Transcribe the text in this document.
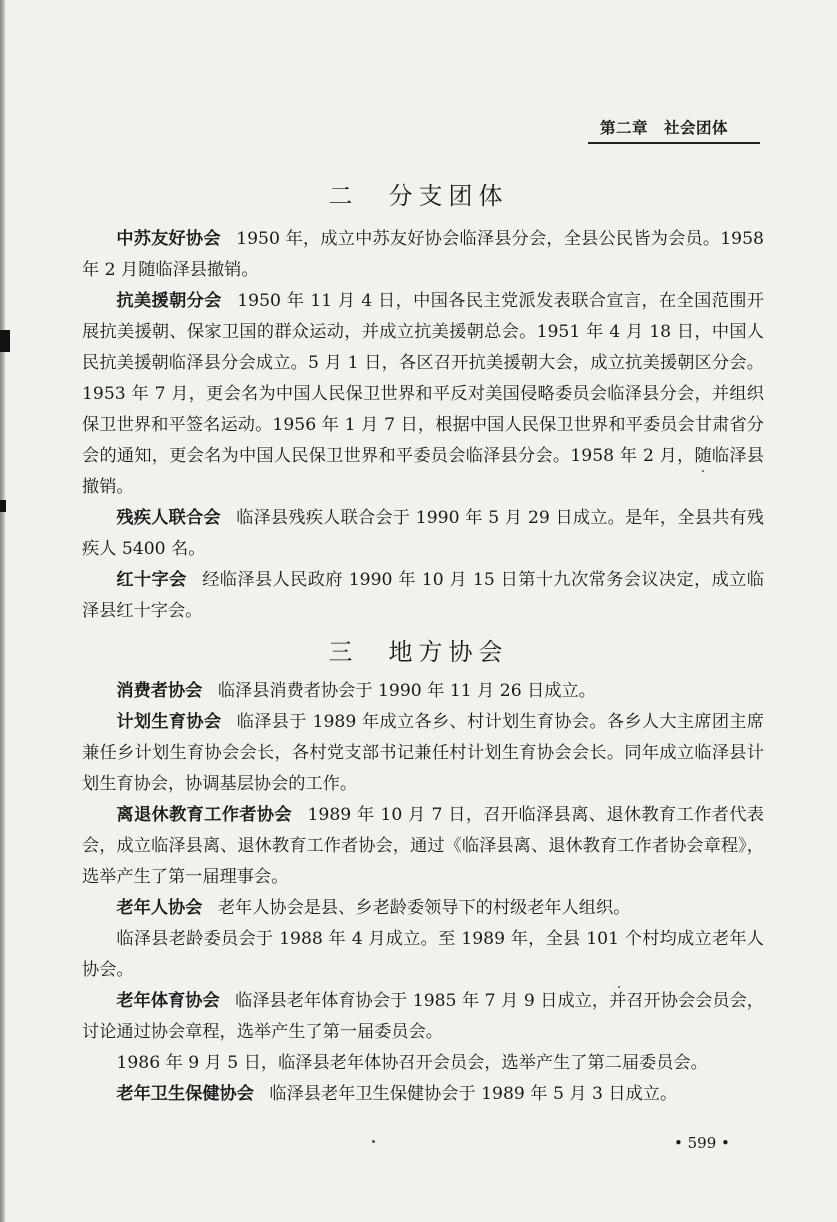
第二章　社会团体
二　分支团体

中苏友好协会 1950 年，成立中苏友好协会临泽县分会，全县公民皆为会员。1958 年 2 月随临泽县撤销。

抗美援朝分会 1950 年 11 月 4 日，中国各民主党派发表联合宣言，在全国范围开展抗美援朝、保家卫国的群众运动，并成立抗美援朝总会。1951 年 4 月 18 日，中国人民抗美援朝临泽县分会成立。5 月 1 日，各区召开抗美援朝大会，成立抗美援朝区分会。1953 年 7 月，更会名为中国人民保卫世界和平反对美国侵略委员会临泽县分会，并组织保卫世界和平签名运动。1956 年 1 月 7 日，根据中国人民保卫世界和平委员会甘肃省分会的通知，更会名为中国人民保卫世界和平委员会临泽县分会。1958 年 2 月，随临泽县撤销。

残疾人联合会 临泽县残疾人联合会于 1990 年 5 月 29 日成立。是年，全县共有残疾人 5400 名。

红十字会 经临泽县人民政府 1990 年 10 月 15 日第十九次常务会议决定，成立临泽县红十字会。

三　地方协会

消费者协会 临泽县消费者协会于 1990 年 11 月 26 日成立。

计划生育协会 临泽县于 1989 年成立各乡、村计划生育协会。各乡人大主席团主席兼任乡计划生育协会会长，各村党支部书记兼任村计划生育协会会长。同年成立临泽县计划生育协会，协调基层协会的工作。

离退休教育工作者协会 1989 年 10 月 7 日，召开临泽县离、退休教育工作者代表会，成立临泽县离、退休教育工作者协会，通过《临泽县离、退休教育工作者协会章程》，选举产生了第一届理事会。

老年人协会 老年人协会是县、乡老龄委领导下的村级老年人组织。

临泽县老龄委员会于 1988 年 4 月成立。至 1989 年，全县 101 个村均成立老年人协会。

老年体育协会 临泽县老年体育协会于 1985 年 7 月 9 日成立，并召开协会会员会，讨论通过协会章程，选举产生了第一届委员会。

1986 年 9 月 5 日，临泽县老年体协召开会员会，选举产生了第二届委员会。

老年卫生保健协会 临泽县老年卫生保健协会于 1989 年 5 月 3 日成立。

• 599 •
